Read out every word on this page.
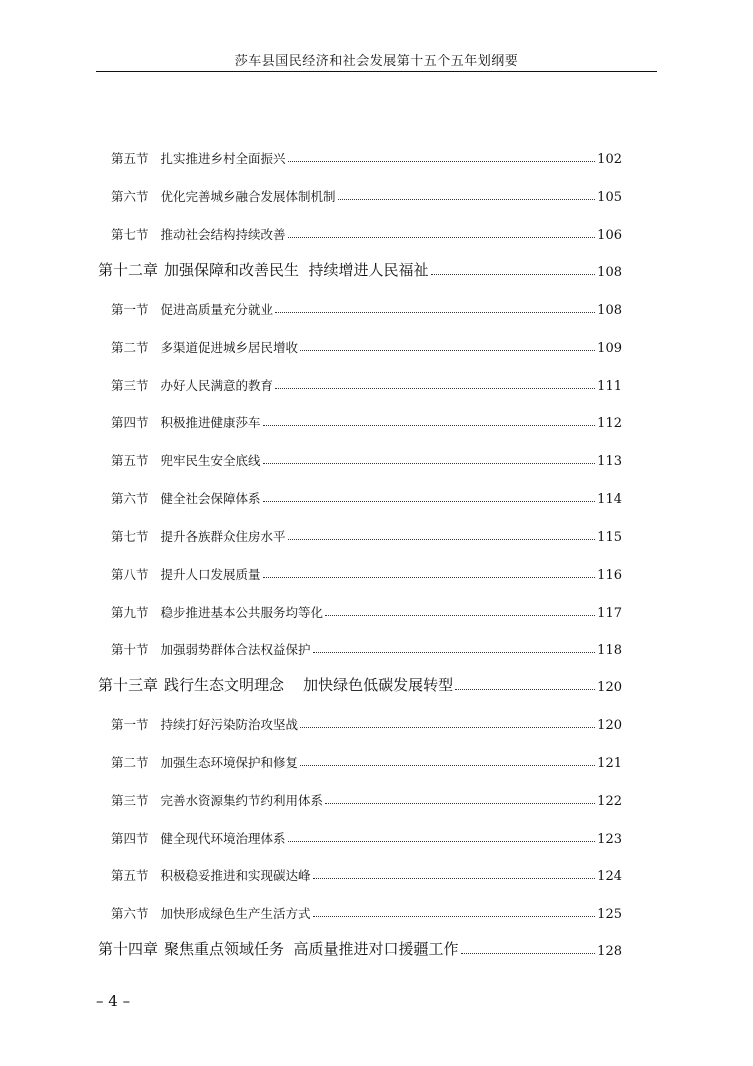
莎车县国民经济和社会发展第十五个五年划纲要
第五节 扎实推进乡村全面振兴	102
第六节 优化完善城乡融合发展体制机制	105
第七节 推动社会结构持续改善	106
第十二章 加强保障和改善民生  持续增进人民福祉	108
第一节 促进高质量充分就业	108
第二节 多渠道促进城乡居民增收	109
第三节 办好人民满意的教育	111
第四节 积极推进健康莎车	112
第五节 兜牢民生安全底线	113
第六节 健全社会保障体系	114
第七节 提升各族群众住房水平	115
第八节 提升人口发展质量	116
第九节 稳步推进基本公共服务均等化	117
第十节 加强弱势群体合法权益保护	118
第十三章 践行生态文明理念    加快绿色低碳发展转型	120
第一节 持续打好污染防治攻坚战	120
第二节 加强生态环境保护和修复	121
第三节 完善水资源集约节约利用体系	122
第四节 健全现代环境治理体系	123
第五节 积极稳妥推进和实现碳达峰	124
第六节 加快形成绿色生产生活方式	125
第十四章 聚焦重点领域任务  高质量推进对口援疆工作	128
– 4 –
